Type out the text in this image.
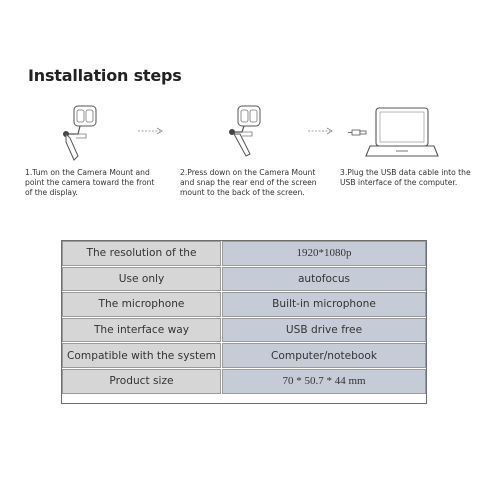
Installation steps
1.Tum on the Camera Mount and
point the camera toward the front
of the display.
2.Press down on the Camera Mount
and snap the rear end of the screen
mount to the back of the screen.
3.Plug the USB data cable into the
USB interface of the computer.
The resolution of the	1920*1080p
Use only	autofocus
The microphone	Built-in microphone
The interface way	USB drive free
Compatible with the system	Computer/notebook
Product size	70 * 50.7 * 44 mm
